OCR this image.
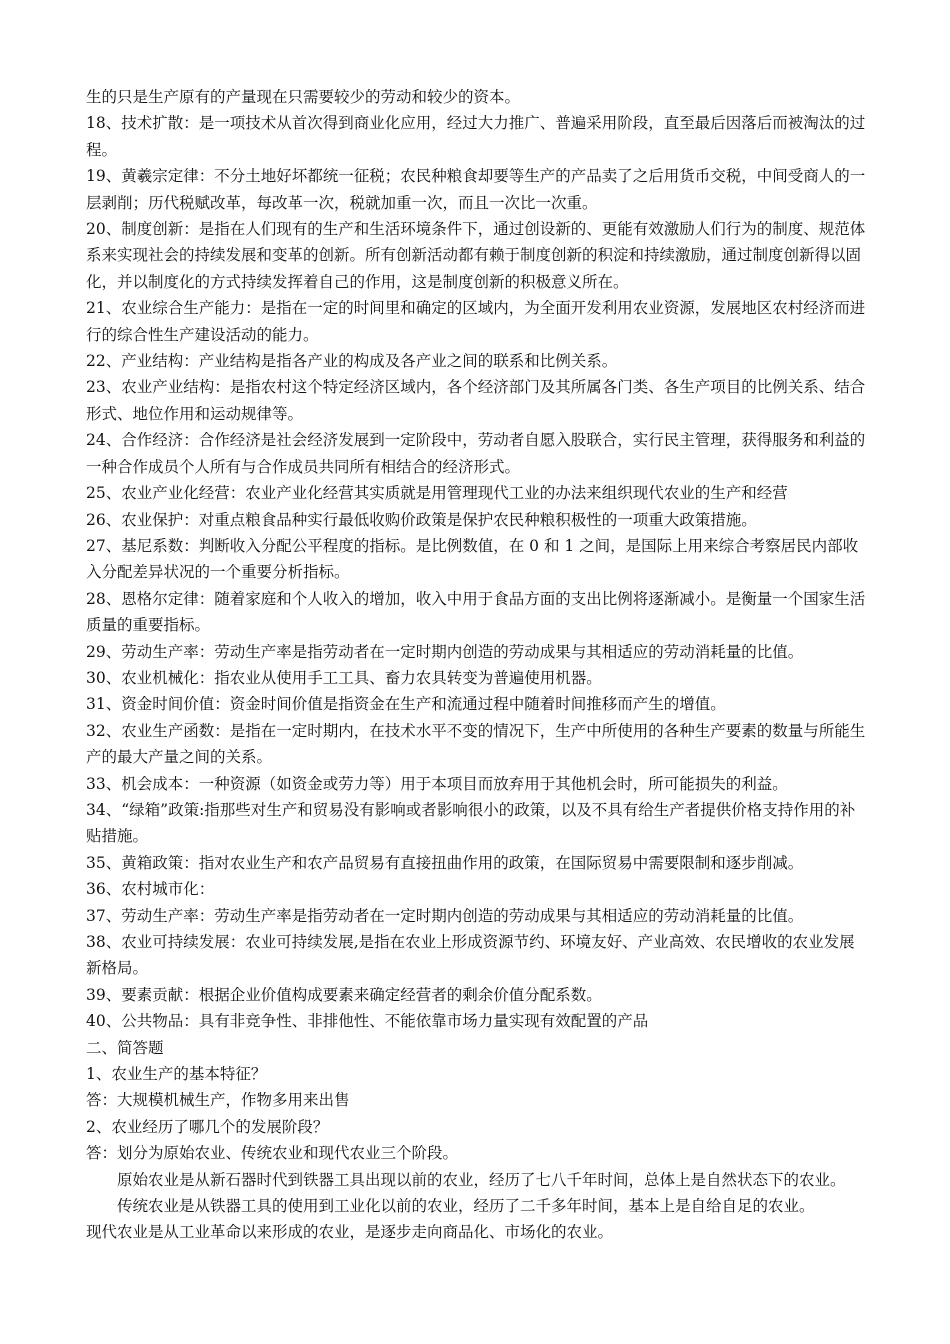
生的只是生产原有的产量现在只需要较少的劳动和较少的资本。

18、技术扩散：是一项技术从首次得到商业化应用，经过大力推广、普遍采用阶段，直至最后因落后而被淘汰的过程。

19、黄羲宗定律：不分土地好坏都统一征税；农民种粮食却要等生产的产品卖了之后用货币交税，中间受商人的一层剥削；历代税赋改革，每改革一次，税就加重一次，而且一次比一次重。

20、制度创新：是指在人们现有的生产和生活环境条件下，通过创设新的、更能有效激励人们行为的制度、规范体系来实现社会的持续发展和变革的创新。所有创新活动都有赖于制度创新的积淀和持续激励，通过制度创新得以固化，并以制度化的方式持续发挥着自己的作用，这是制度创新的积极意义所在。

21、农业综合生产能力：是指在一定的时间里和确定的区域内，为全面开发利用农业资源，发展地区农村经济而进行的综合性生产建设活动的能力。

22、产业结构：产业结构是指各产业的构成及各产业之间的联系和比例关系。

23、农业产业结构：是指农村这个特定经济区域内，各个经济部门及其所属各门类、各生产项目的比例关系、结合形式、地位作用和运动规律等。

24、合作经济：合作经济是社会经济发展到一定阶段中，劳动者自愿入股联合，实行民主管理，获得服务和利益的一种合作成员个人所有与合作成员共同所有相结合的经济形式。

25、农业产业化经营：农业产业化经营其实质就是用管理现代工业的办法来组织现代农业的生产和经营

26、农业保护：对重点粮食品种实行最低收购价政策是保护农民种粮积极性的一项重大政策措施。

27、基尼系数：判断收入分配公平程度的指标。是比例数值，在 0 和 1 之间，是国际上用来综合考察居民内部收入分配差异状况的一个重要分析指标。

28、恩格尔定律：随着家庭和个人收入的增加，收入中用于食品方面的支出比例将逐渐减小。是衡量一个国家生活质量的重要指标。

29、劳动生产率：劳动生产率是指劳动者在一定时期内创造的劳动成果与其相适应的劳动消耗量的比值。

30、农业机械化：指农业从使用手工工具、畜力农具转变为普遍使用机器。

31、资金时间价值：资金时间价值是指资金在生产和流通过程中随着时间推移而产生的增值。

32、农业生产函数：是指在一定时期内，在技术水平不变的情况下，生产中所使用的各种生产要素的数量与所能生产的最大产量之间的关系。

33、机会成本：一种资源（如资金或劳力等）用于本项目而放弃用于其他机会时，所可能损失的利益。

34、“绿箱”政策:指那些对生产和贸易没有影响或者影响很小的政策，以及不具有给生产者提供价格支持作用的补贴措施。

35、黄箱政策：指对农业生产和农产品贸易有直接扭曲作用的政策，在国际贸易中需要限制和逐步削减。

36、农村城市化：

37、劳动生产率：劳动生产率是指劳动者在一定时期内创造的劳动成果与其相适应的劳动消耗量的比值。

38、农业可持续发展：农业可持续发展,是指在农业上形成资源节约、环境友好、产业高效、农民增收的农业发展新格局。

39、要素贡献：根据企业价值构成要素来确定经营者的剩余价值分配系数。

40、公共物品：具有非竞争性、非排他性、不能依靠市场力量实现有效配置的产品

二、简答题

1、农业生产的基本特征？

答：大规模机械生产，作物多用来出售

2、农业经历了哪几个的发展阶段？

答：划分为原始农业、传统农业和现代农业三个阶段。

原始农业是从新石器时代到铁器工具出现以前的农业，经历了七八千年时间，总体上是自然状态下的农业。

传统农业是从铁器工具的使用到工业化以前的农业，经历了二千多年时间，基本上是自给自足的农业。

现代农业是从工业革命以来形成的农业，是逐步走向商品化、市场化的农业。
